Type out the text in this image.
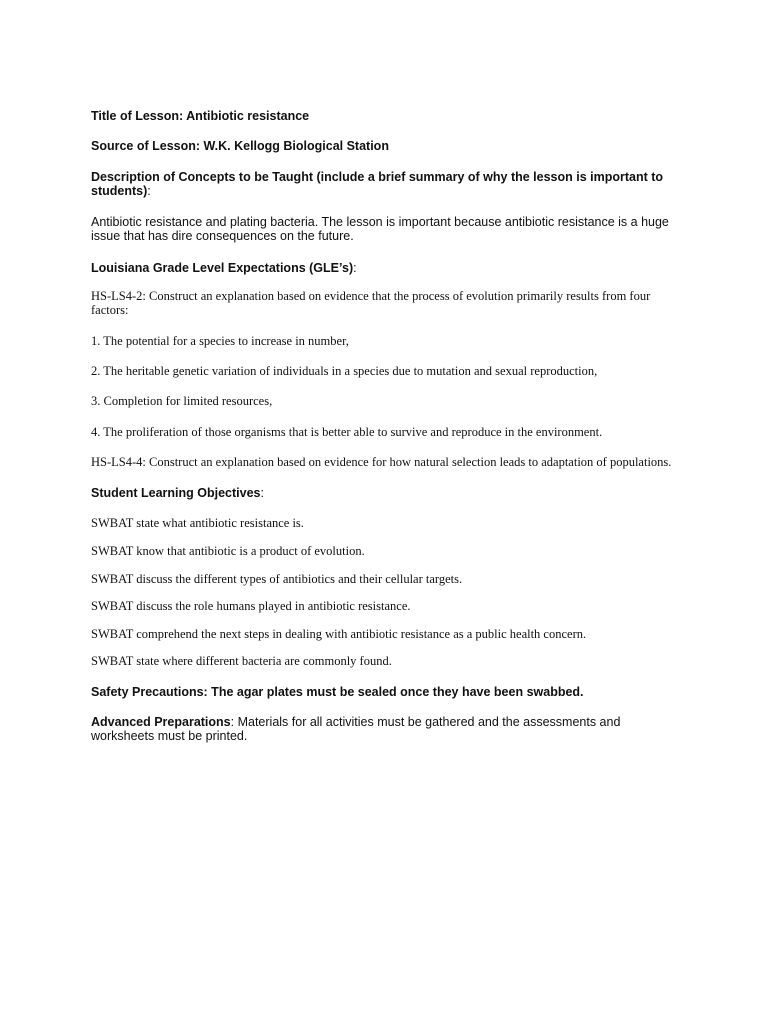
Title of Lesson: Antibiotic resistance

Source of Lesson: W.K. Kellogg Biological Station

Description of Concepts to be Taught (include a brief summary of why the lesson is important to students):

Antibiotic resistance and plating bacteria. The lesson is important because antibiotic resistance is a huge issue that has dire consequences on the future.

Louisiana Grade Level Expectations (GLE’s):

HS-LS4-2: Construct an explanation based on evidence that the process of evolution primarily results from four factors:

1. The potential for a species to increase in number,

2. The heritable genetic variation of individuals in a species due to mutation and sexual reproduction,

3. Completion for limited resources,

4. The proliferation of those organisms that is better able to survive and reproduce in the environment.

HS-LS4-4: Construct an explanation based on evidence for how natural selection leads to adaptation of populations.

Student Learning Objectives:

SWBAT state what antibiotic resistance is.

SWBAT know that antibiotic is a product of evolution.

SWBAT discuss the different types of antibiotics and their cellular targets.

SWBAT discuss the role humans played in antibiotic resistance.

SWBAT comprehend the next steps in dealing with antibiotic resistance as a public health concern.

SWBAT state where different bacteria are commonly found.

Safety Precautions: The agar plates must be sealed once they have been swabbed.

Advanced Preparations: Materials for all activities must be gathered and the assessments and worksheets must be printed.
